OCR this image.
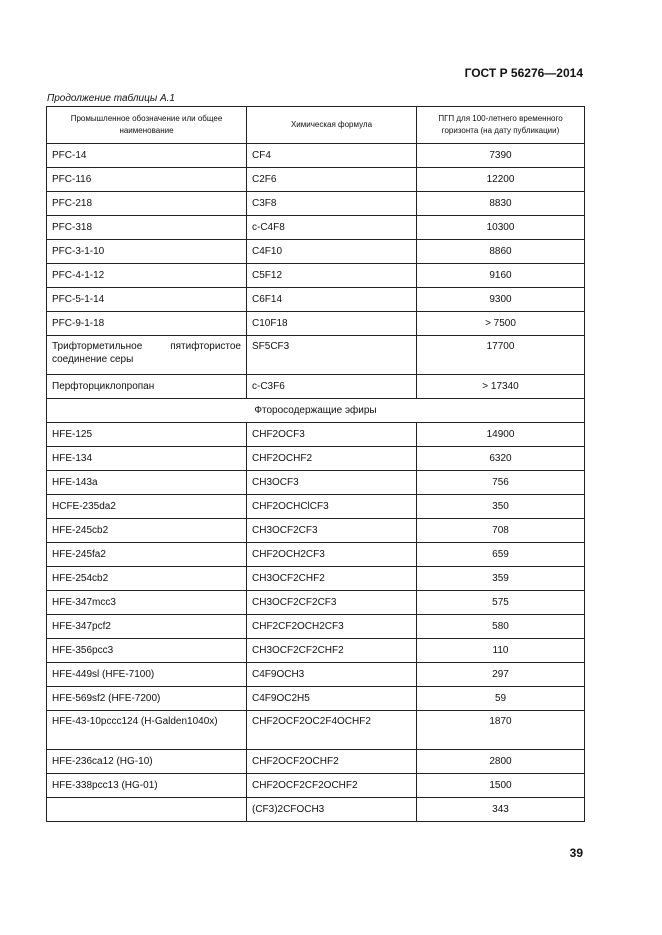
ГОСТ Р 56276—2014
Продолжение таблицы А.1
Промышленное обозначение или общее наименование	Химическая формула	ПГП для 100-летнего временного горизонта (на дату публикации)
PFC-14	CF4	7390
PFC-116	C2F6	12200
PFC-218	C3F8	8830
PFC-318	c-C4F8	10300
PFC-3-1-10	C4F10	8860
PFC-4-1-12	C5F12	9160
PFC-5-1-14	C6F14	9300
PFC-9-1-18	C10F18	> 7500
Трифторметильное пятифтористое соединение серы	SF5CF3	17700
Перфторциклопропан	c-C3F6	> 17340
Фторосодержащие эфиры		
HFE-125	CHF2OCF3	14900
HFE-134	CHF2OCHF2	6320
HFE-143a	CH3OCF3	756
HCFE-235da2	CHF2OCHClCF3	350
HFE-245cb2	CH3OCF2CF3	708
HFE-245fa2	CHF2OCH2CF3	659
HFE-254cb2	CH3OCF2CHF2	359
HFE-347mcc3	CH3OCF2CF2CF3	575
HFE-347pcf2	CHF2CF2OCH2CF3	580
HFE-356pcc3	CH3OCF2CF2CHF2	110
HFE-449sl (HFE-7100)	C4F9OCH3	297
HFE-569sf2 (HFE-7200)	C4F9OC2H5	59
HFE-43-10pccc124 (H-Galden1040x)	CHF2OCF2OC2F4OCHF2	1870
HFE-236ca12 (HG-10)	CHF2OCF2OCHF2	2800
HFE-338pcc13 (HG-01)	CHF2OCF2CF2OCHF2	1500
	(CF3)2CFOCH3	343
39
